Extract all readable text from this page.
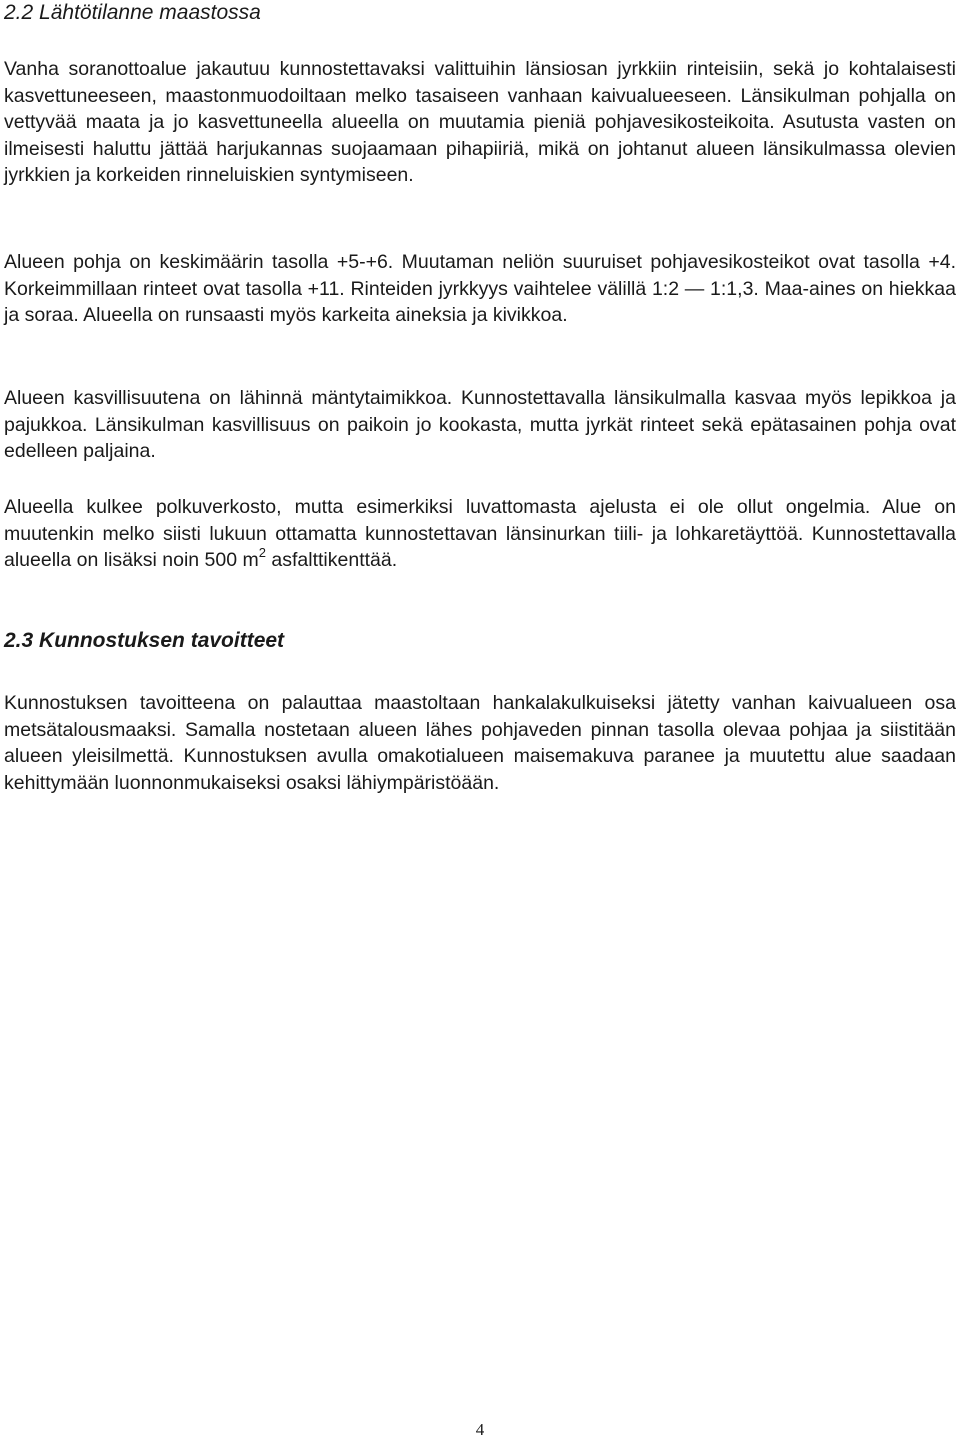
2.2 Lähtötilanne maastossa

Vanha soranottoalue jakautuu kunnostettavaksi valittuihin länsiosan jyrkkiin rinteisiin, sekä jo kohtalaisesti kasvettuneeseen, maastonmuodoiltaan melko tasaiseen vanhaan kaivualueeseen. Länsikulman pohjalla on vettyvää maata ja jo kasvettuneella alueella on muutamia pieniä pohjavesikosteikoita. Asutusta vasten on ilmeisesti haluttu jättää harjukannas suojaamaan pihapiiriä, mikä on johtanut alueen länsikulmassa olevien jyrkkien ja korkeiden rinneluiskien syntymiseen.

Alueen pohja on keskimäärin tasolla +5-+6. Muutaman neliön suuruiset pohjavesikosteikot ovat tasolla +4. Korkeimmillaan rinteet ovat tasolla +11. Rinteiden jyrkkyys vaihtelee välillä 1:2 — 1:1,3. Maa-aines on hiekkaa ja soraa. Alueella on runsaasti myös karkeita aineksia ja kivikkoa.

Alueen kasvillisuutena on lähinnä mäntytaimikkoa. Kunnostettavalla länsikulmalla kasvaa myös lepikkoa ja pajukkoa. Länsikulman kasvillisuus on paikoin jo kookasta, mutta jyrkät rinteet sekä epätasainen pohja ovat edelleen paljaina.

Alueella kulkee polkuverkosto, mutta esimerkiksi luvattomasta ajelusta ei ole ollut ongelmia. Alue on muutenkin melko siisti lukuun ottamatta kunnostettavan länsinurkan tiili- ja lohkaretäyttöä. Kunnostettavalla alueella on lisäksi noin 500 $m^2$ asfalttikenttää.

2.3 Kunnostuksen tavoitteet

Kunnostuksen tavoitteena on palauttaa maastoltaan hankalakulkuiseksi jätetty vanhan kaivualueen osa metsätalousmaaksi. Samalla nostetaan alueen lähes pohjaveden pinnan tasolla olevaa pohjaa ja siistitään alueen yleisilmettä. Kunnostuksen avulla omakotialueen maisemakuva paranee ja muutettu alue saadaan kehittymään luonnonmukaiseksi osaksi lähiympäristöään.

4
